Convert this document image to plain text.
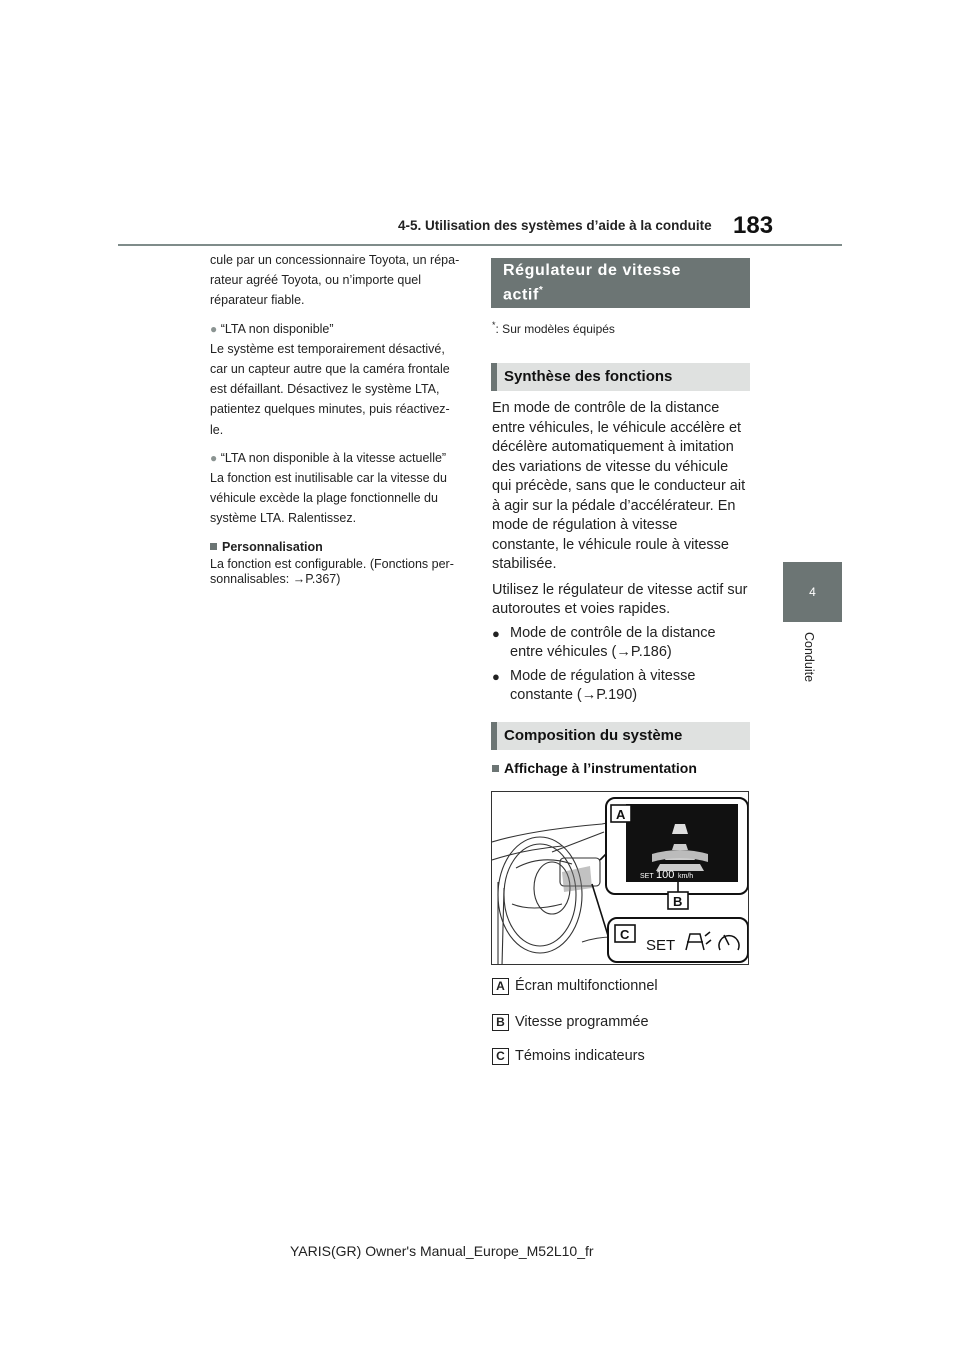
4-5. Utilisation des systèmes d’aide à la conduite 183
4
Conduite

cule par un concessionnaire Toyota, un répa-

rateur agréé Toyota, ou n’importe quel

réparateur fiable.

● “LTA non disponible”

Le système est temporairement désactivé,

car un capteur autre que la caméra frontale

est défaillant. Désactivez le système LTA,

patientez quelques minutes, puis réactivez-

le.

● “LTA non disponible à la vitesse actuelle”

La fonction est inutilisable car la vitesse du

véhicule excède la plage fonctionnelle du

système LTA. Ralentissez.

Personnalisation

La fonction est configurable. (Fonctions per-

sonnalisables: →P.367)

Régulateur de vitesse
actif*
*: Sur modèles équipés
Synthèse des fonctions

En mode de contrôle de la distance

entre véhicules, le véhicule accélère et

décélère automatiquement à imitation

des variations de vitesse du véhicule

qui précède, sans que le conducteur ait

à agir sur la pédale d’accélérateur. En

mode de régulation à vitesse

constante, le véhicule roule à vitesse

stabilisée.

Utilisez le régulateur de vitesse actif sur

autoroutes et voies rapides.

● Mode de contrôle de la distance

entre véhicules (→P.186)

● Mode de régulation à vitesse

constante (→P.190)

Composition du système
Affichage à l’instrumentation
SET 100 km/h
A
B
C
SET
A Écran multifonctionnel
B Vitesse programmée
C Témoins indicateurs
YARIS(GR) Owner's Manual_Europe_M52L10_fr
